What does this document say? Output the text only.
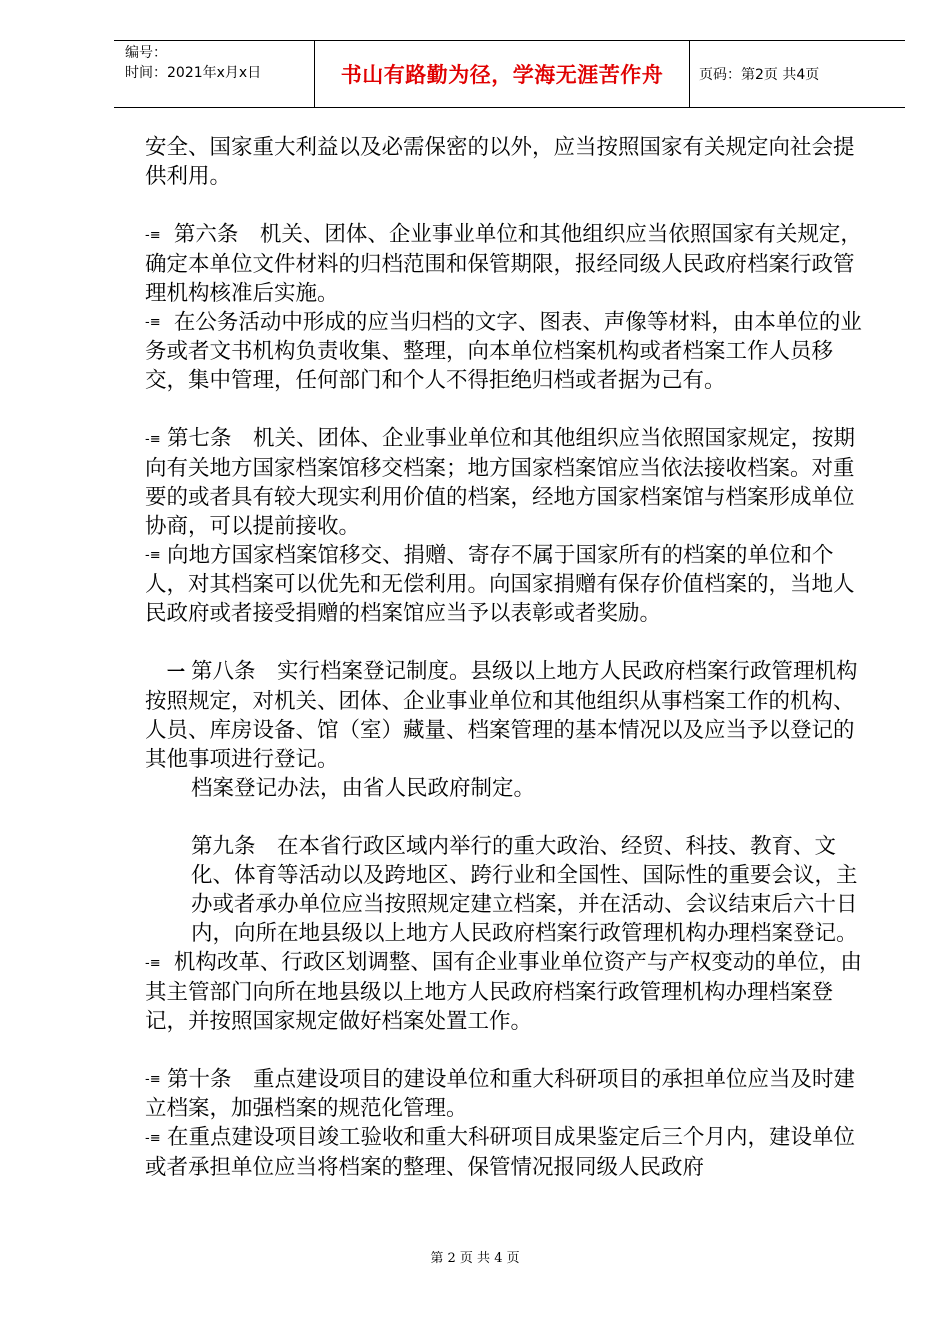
编号：
时间：2021年x月x日	书山有路勤为径，学海无涯苦作舟	页码：第2页 共4页

安全、国家重大利益以及必需保密的以外，应当按照国家有关规定向社会提供利用。

-≡ 第六条　机关、团体、企业事业单位和其他组织应当依照国家有关规定，确定本单位文件材料的归档范围和保管期限，报经同级人民政府档案行政管理机构核准后实施。

-≡ 在公务活动中形成的应当归档的文字、图表、声像等材料，由本单位的业务或者文书机构负责收集、整理，向本单位档案机构或者档案工作人员移交，集中管理，任何部门和个人不得拒绝归档或者据为己有。

-≡ 第七条　机关、团体、企业事业单位和其他组织应当依照国家规定，按期向有关地方国家档案馆移交档案；地方国家档案馆应当依法接收档案。对重要的或者具有较大现实利用价值的档案，经地方国家档案馆与档案形成单位协商，可以提前接收。

-≡ 向地方国家档案馆移交、捐赠、寄存不属于国家所有的档案的单位和个人，对其档案可以优先和无偿利用。向国家捐赠有保存价值档案的，当地人民政府或者接受捐赠的档案馆应当予以表彰或者奖励。

一 第八条　实行档案登记制度。县级以上地方人民政府档案行政管理机构按照规定，对机关、团体、企业事业单位和其他组织从事档案工作的机构、人员、库房设备、馆（室）藏量、档案管理的基本情况以及应当予以登记的其他事项进行登记。

档案登记办法，由省人民政府制定。

第九条　在本省行政区域内举行的重大政治、经贸、科技、教育、文化、体育等活动以及跨地区、跨行业和全国性、国际性的重要会议，主办或者承办单位应当按照规定建立档案，并在活动、会议结束后六十日内，向所在地县级以上地方人民政府档案行政管理机构办理档案登记。

-≡ 机构改革、行政区划调整、国有企业事业单位资产与产权变动的单位，由其主管部门向所在地县级以上地方人民政府档案行政管理机构办理档案登记，并按照国家规定做好档案处置工作。

-≡ 第十条　重点建设项目的建设单位和重大科研项目的承担单位应当及时建立档案，加强档案的规范化管理。

-≡ 在重点建设项目竣工验收和重大科研项目成果鉴定后三个月内，建设单位或者承担单位应当将档案的整理、保管情况报同级人民政府

第 2 页 共 4 页
